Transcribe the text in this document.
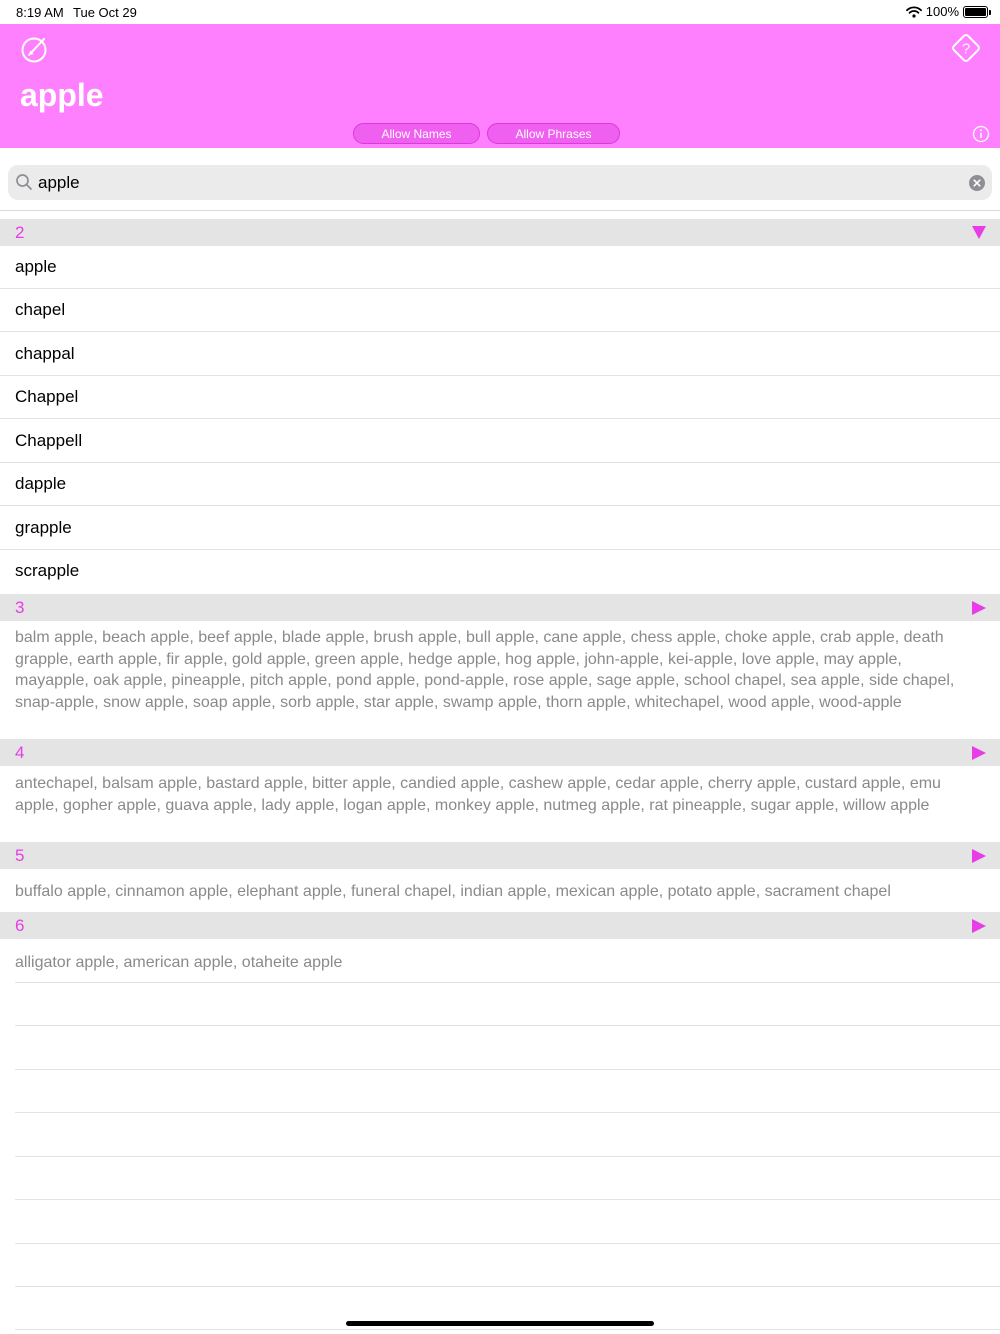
8:19 AM Tue Oct 29	100%
?
apple
Allow Names	Allow Phrases
apple
2
apple
chapel
chappal
Chappel
Chappell
dapple
grapple
scrapple
3
balm apple, beach apple, beef apple, blade apple, brush apple, bull apple, cane apple, chess apple, choke apple, crab apple, death grapple, earth apple, fir apple, gold apple, green apple, hedge apple, hog apple, john-apple, kei-apple, love apple, may apple, mayapple, oak apple, pineapple, pitch apple, pond apple, pond-apple, rose apple, sage apple, school chapel, sea apple, side chapel, snap-apple, snow apple, soap apple, sorb apple, star apple, swamp apple, thorn apple, whitechapel, wood apple, wood-apple
4
antechapel, balsam apple, bastard apple, bitter apple, candied apple, cashew apple, cedar apple, cherry apple, custard apple, emu apple, gopher apple, guava apple, lady apple, logan apple, monkey apple, nutmeg apple, rat pineapple, sugar apple, willow apple
5
buffalo apple, cinnamon apple, elephant apple, funeral chapel, indian apple, mexican apple, potato apple, sacrament chapel
6
alligator apple, american apple, otaheite apple
